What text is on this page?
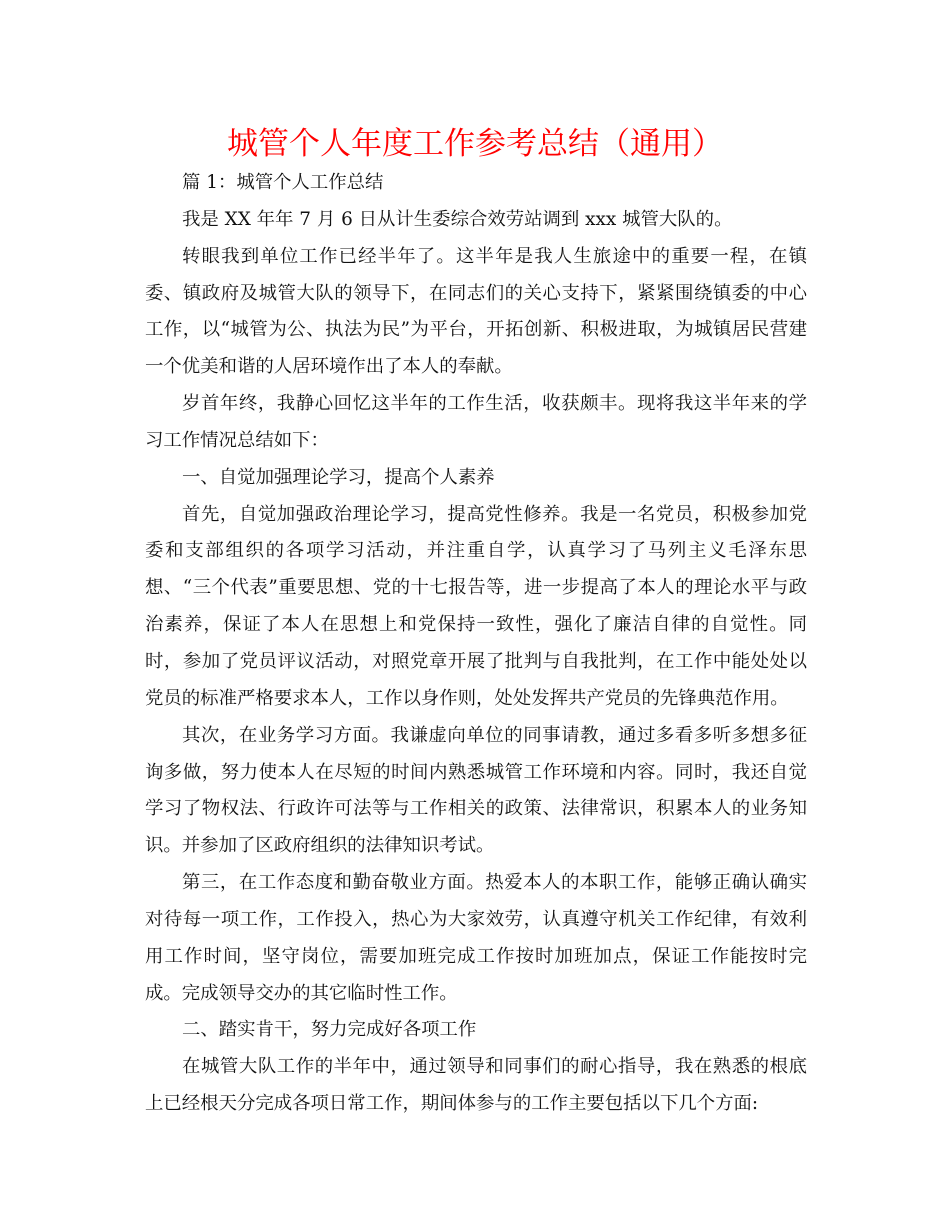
城管个人年度工作参考总结（通用）

篇 1：城管个人工作总结

我是 XX 年年 7 月 6 日从计生委综合效劳站调到 xxx 城管大队的。

转眼我到单位工作已经半年了。这半年是我人生旅途中的重要一程，在镇委、镇政府及城管大队的领导下，在同志们的关心支持下，紧紧围绕镇委的中心工作，以“城管为公、执法为民”为平台，开拓创新、积极进取，为城镇居民营建一个优美和谐的人居环境作出了本人的奉献。

岁首年终，我静心回忆这半年的工作生活，收获颇丰。现将我这半年来的学习工作情况总结如下：

一、自觉加强理论学习，提高个人素养

首先，自觉加强政治理论学习，提高党性修养。我是一名党员，积极参加党委和支部组织的各项学习活动，并注重自学，认真学习了马列主义毛泽东思想、“三个代表”重要思想、党的十七报告等，进一步提高了本人的理论水平与政治素养，保证了本人在思想上和党保持一致性，强化了廉洁自律的自觉性。同时，参加了党员评议活动，对照党章开展了批判与自我批判，在工作中能处处以党员的标准严格要求本人，工作以身作则，处处发挥共产党员的先锋典范作用。

其次，在业务学习方面。我谦虚向单位的同事请教，通过多看多听多想多征询多做，努力使本人在尽短的时间内熟悉城管工作环境和内容。同时，我还自觉学习了物权法、行政许可法等与工作相关的政策、法律常识，积累本人的业务知识。并参加了区政府组织的法律知识考试。

第三，在工作态度和勤奋敬业方面。热爱本人的本职工作，能够正确认确实对待每一项工作，工作投入，热心为大家效劳，认真遵守机关工作纪律，有效利用工作时间，坚守岗位，需要加班完成工作按时加班加点，保证工作能按时完成。完成领导交办的其它临时性工作。

二、踏实肯干，努力完成好各项工作

在城管大队工作的半年中，通过领导和同事们的耐心指导，我在熟悉的根底上已经根天分完成各项日常工作，期间体参与的工作主要包括以下几个方面:
